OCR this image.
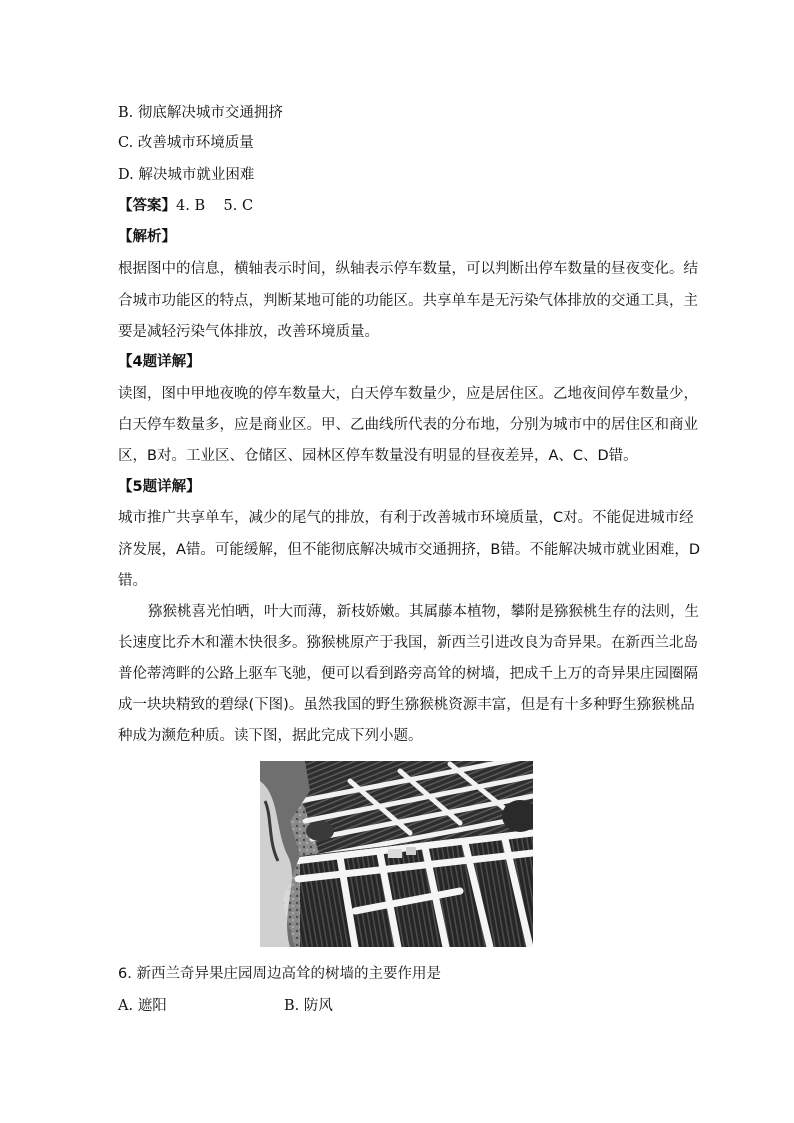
B. 彻底解决城市交通拥挤
C. 改善城市环境质量
D. 解决城市就业困难
【答案】4. B    5. C
【解析】
根据图中的信息，横轴表示时间，纵轴表示停车数量，可以判断出停车数量的昼夜变化。结
合城市功能区的特点，判断某地可能的功能区。共享单车是无污染气体排放的交通工具，主
要是减轻污染气体排放，改善环境质量。
【4题详解】
读图，图中甲地夜晚的停车数量大，白天停车数量少，应是居住区。乙地夜间停车数量少，
白天停车数量多，应是商业区。甲、乙曲线所代表的分布地，分别为城市中的居住区和商业
区，B对。工业区、仓储区、园林区停车数量没有明显的昼夜差异，A、C、D错。
【5题详解】
城市推广共享单车，减少的尾气的排放，有利于改善城市环境质量，C对。不能促进城市经
济发展，A错。可能缓解，但不能彻底解决城市交通拥挤，B错。不能解决城市就业困难，D
错。
猕猴桃喜光怕晒，叶大而薄，新枝娇嫩。其属藤本植物，攀附是猕猴桃生存的法则，生
长速度比乔木和灌木快很多。猕猴桃原产于我国，新西兰引进改良为奇异果。在新西兰北岛
普伦蒂湾畔的公路上驱车飞驰，便可以看到路旁高耸的树墙，把成千上万的奇异果庄园圈隔
成一块块精致的碧绿(下图)。虽然我国的野生猕猴桃资源丰富，但是有十多种野生猕猴桃品
种成为濒危种质。读下图，据此完成下列小题。
6. 新西兰奇异果庄园周边高耸的树墙的主要作用是
A. 遮阳	B. 防风
